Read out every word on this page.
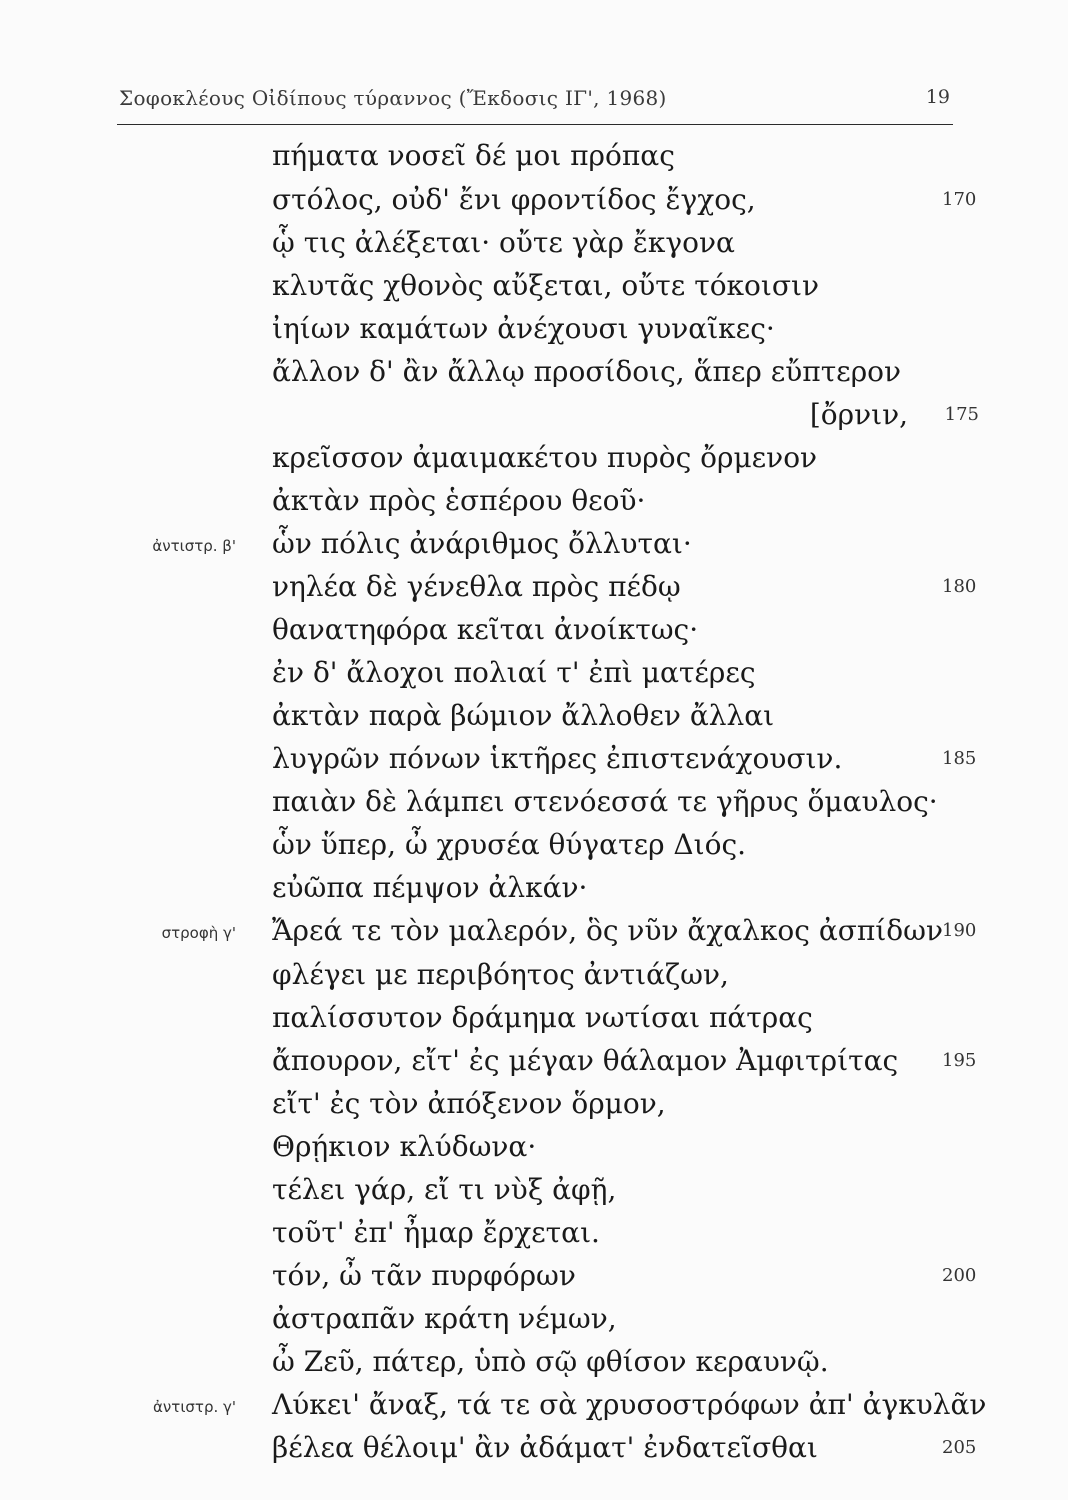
Σοφοκλέους Οἰδίπους τύραννος (Ἔκδοσις ΙΓ', 1968)	19
πήματα νοσεῖ δέ μοι πρόπας
στόλος, οὐδ' ἔνι φροντίδος ἔγχος,	170
ᾧ τις ἀλέξεται· οὔτε γὰρ ἔκγονα
κλυτᾶς χθονὸς αὔξεται, οὔτε τόκοισιν
ἰηίων καμάτων ἀνέχουσι γυναῖκες·
ἄλλον δ' ἂν ἄλλῳ προσίδοις, ἅπερ εὔπτερον
[ὄρνιν, 175
κρεῖσσον ἀμαιμακέτου πυρὸς ὄρμενον
ἀκτὰν πρὸς ἑσπέρου θεοῦ·
ὧν πόλις ἀνάριθμος ὄλλυται·
ἀντιστρ. β'
νηλέα δὲ γένεθλα πρὸς πέδῳ	180
θανατηφόρα κεῖται ἀνοίκτως·
ἐν δ' ἄλοχοι πολιαί τ' ἐπὶ ματέρες
ἀκτὰν παρὰ βώμιον ἄλλοθεν ἄλλαι
λυγρῶν πόνων ἱκτῆρες ἐπιστενάχουσιν.	185
παιὰν δὲ λάμπει στενόεσσά τε γῆρυς ὅμαυλος·
ὧν ὕπερ, ὦ χρυσέα θύγατερ Διός.
εὐῶπα πέμψον ἀλκάν·
Ἄρεά τε τὸν μαλερόν, ὃς νῦν ἄχαλκος ἀσπίδων 190
στροφὴ γ'
φλέγει με περιβόητος ἀντιάζων,
παλίσσυτον δράμημα νωτίσαι πάτρας
ἄπουρον, εἴτ' ἐς μέγαν θάλαμον Ἀμφιτρίτας 195
εἴτ' ἐς τὸν ἀπόξενον ὅρμον,
Θρῄκιον κλύδωνα·
τέλει γάρ, εἴ τι νὺξ ἀφῇ,
τοῦτ' ἐπ' ἦμαρ ἔρχεται.
τόν, ὦ τᾶν πυρφόρων	200
ἀστραπᾶν κράτη νέμων,
ὦ Ζεῦ, πάτερ, ὑπὸ σῷ φθίσον κεραυνῷ.
Λύκει' ἄναξ, τά τε σὰ χρυσοστρόφων ἀπ' ἀγκυλᾶν
ἀντιστρ. γ'
βέλεα θέλοιμ' ἂν ἀδάματ' ἐνδατεῖσθαι	205
